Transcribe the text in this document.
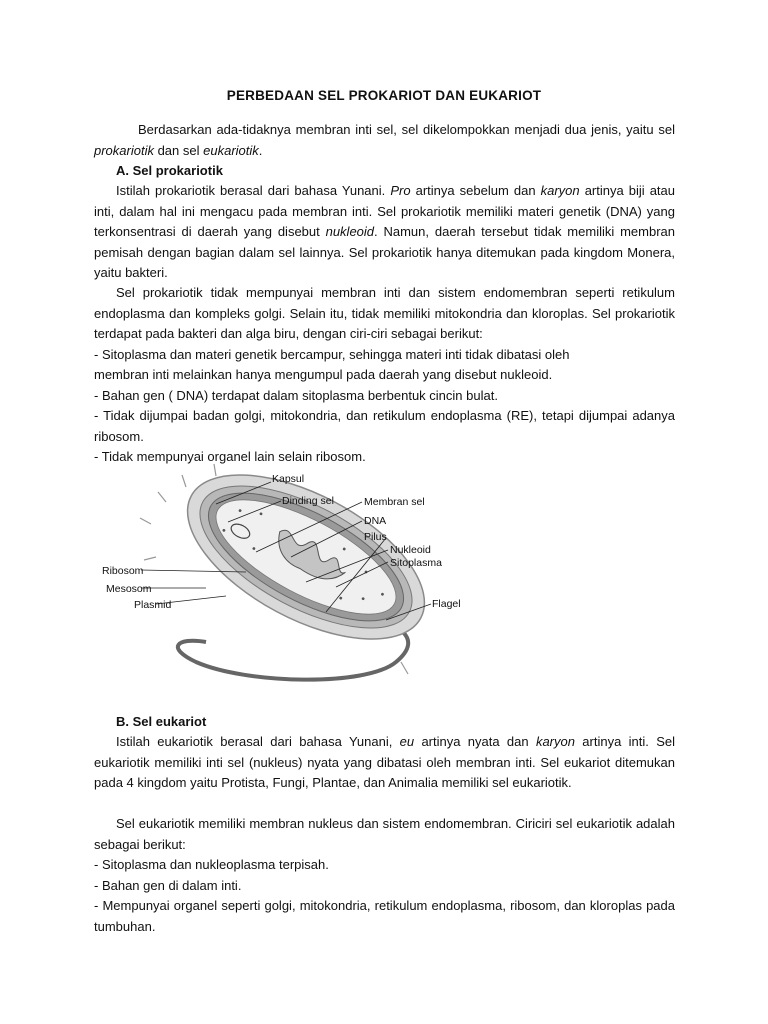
PERBEDAAN SEL PROKARIOT DAN EUKARIOT
Berdasarkan ada-tidaknya membran inti sel, sel dikelompokkan menjadi dua jenis, yaitu sel prokariotik dan sel eukariotik.
A. Sel prokariotik
Istilah prokariotik berasal dari bahasa Yunani. Pro artinya sebelum dan karyon artinya biji atau inti, dalam hal ini mengacu pada membran inti. Sel prokariotik memiliki materi genetik (DNA) yang terkonsentrasi di daerah yang disebut nukleoid. Namun, daerah tersebut tidak memiliki membran pemisah dengan bagian dalam sel lainnya. Sel prokariotik hanya ditemukan pada kingdom Monera, yaitu bakteri.
Sel prokariotik tidak mempunyai membran inti dan sistem endomembran seperti retikulum endoplasma dan kompleks golgi. Selain itu, tidak memiliki mitokondria dan kloroplas. Sel prokariotik terdapat pada bakteri dan alga biru, dengan ciri-ciri sebagai berikut:
- Sitoplasma dan materi genetik bercampur, sehingga materi inti tidak dibatasi oleh
membran inti melainkan hanya mengumpul pada daerah yang disebut nukleoid.
- Bahan gen ( DNA) terdapat dalam sitoplasma berbentuk cincin bulat.
- Tidak dijumpai badan golgi, mitokondria, dan retikulum endoplasma (RE), tetapi dijumpai adanya ribosom.
- Tidak mempunyai organel lain selain ribosom.
Kapsul
Dinding sel	Membran sel
DNA
Pilus
Nukleoid
Sitoplasma
Ribosom
Mesosom
Plasmid	Flagel
B. Sel eukariot
Istilah eukariotik berasal dari bahasa Yunani, eu artinya nyata dan karyon artinya inti. Sel eukariotik memiliki inti sel (nukleus) nyata yang dibatasi oleh membran inti. Sel eukariot ditemukan pada 4 kingdom yaitu Protista, Fungi, Plantae, dan Animalia memiliki sel eukariotik.
Sel eukariotik memiliki membran nukleus dan sistem endomembran. Ciriciri sel eukariotik adalah sebagai berikut:
- Sitoplasma dan nukleoplasma terpisah.
- Bahan gen di dalam inti.
- Mempunyai organel seperti golgi, mitokondria, retikulum endoplasma, ribosom, dan kloroplas pada tumbuhan.
